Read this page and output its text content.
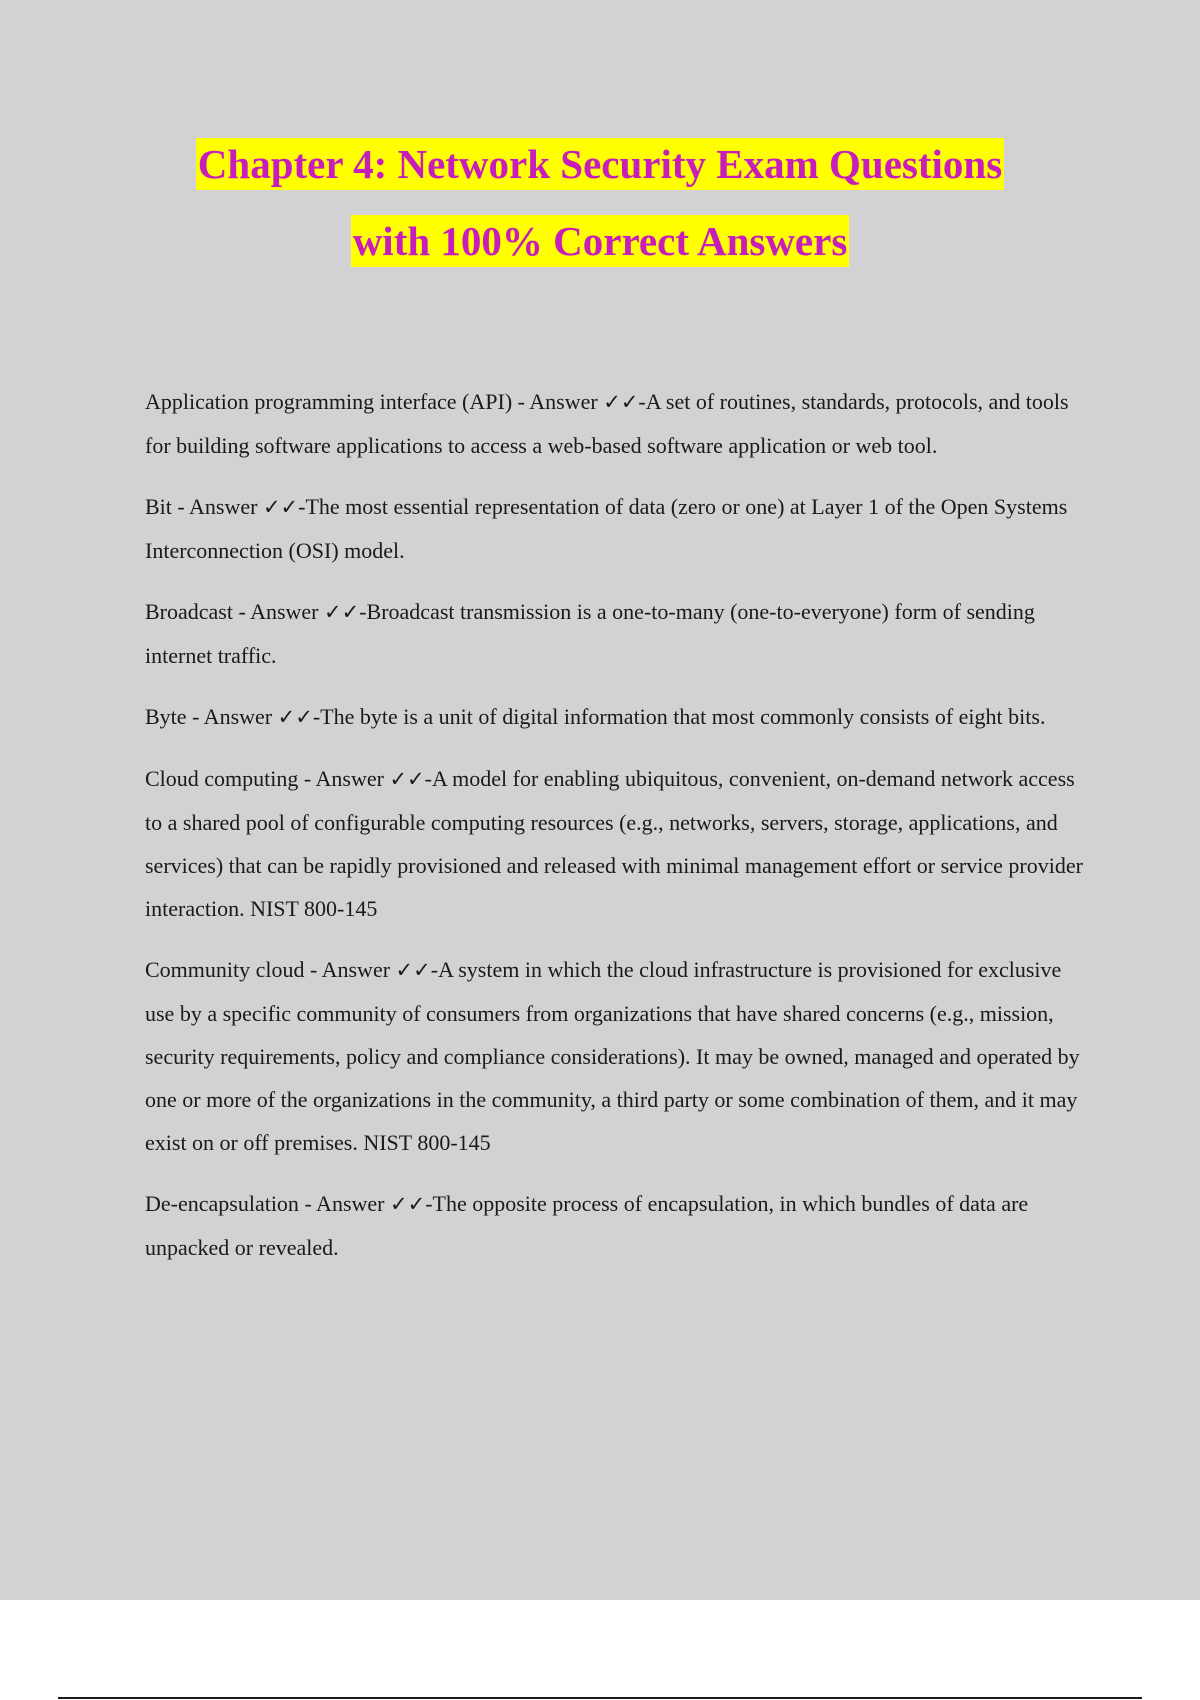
Chapter 4: Network Security Exam Questions
with 100% Correct Answers

Application programming interface (API) - Answer ✓✓-A set of routines, standards, protocols, and tools for building software applications to access a web-based software application or web tool.

Bit - Answer ✓✓-The most essential representation of data (zero or one) at Layer 1 of the Open Systems Interconnection (OSI) model.

Broadcast - Answer ✓✓-Broadcast transmission is a one-to-many (one-to-everyone) form of sending internet traffic.

Byte - Answer ✓✓-The byte is a unit of digital information that most commonly consists of eight bits.

Cloud computing - Answer ✓✓-A model for enabling ubiquitous, convenient, on-demand network access to a shared pool of configurable computing resources (e.g., networks, servers, storage, applications, and services) that can be rapidly provisioned and released with minimal management effort or service provider interaction. NIST 800-145

Community cloud - Answer ✓✓-A system in which the cloud infrastructure is provisioned for exclusive use by a specific community of consumers from organizations that have shared concerns (e.g., mission, security requirements, policy and compliance considerations). It may be owned, managed and operated by one or more of the organizations in the community, a third party or some combination of them, and it may exist on or off premises. NIST 800-145

De-encapsulation - Answer ✓✓-The opposite process of encapsulation, in which bundles of data are unpacked or revealed.
